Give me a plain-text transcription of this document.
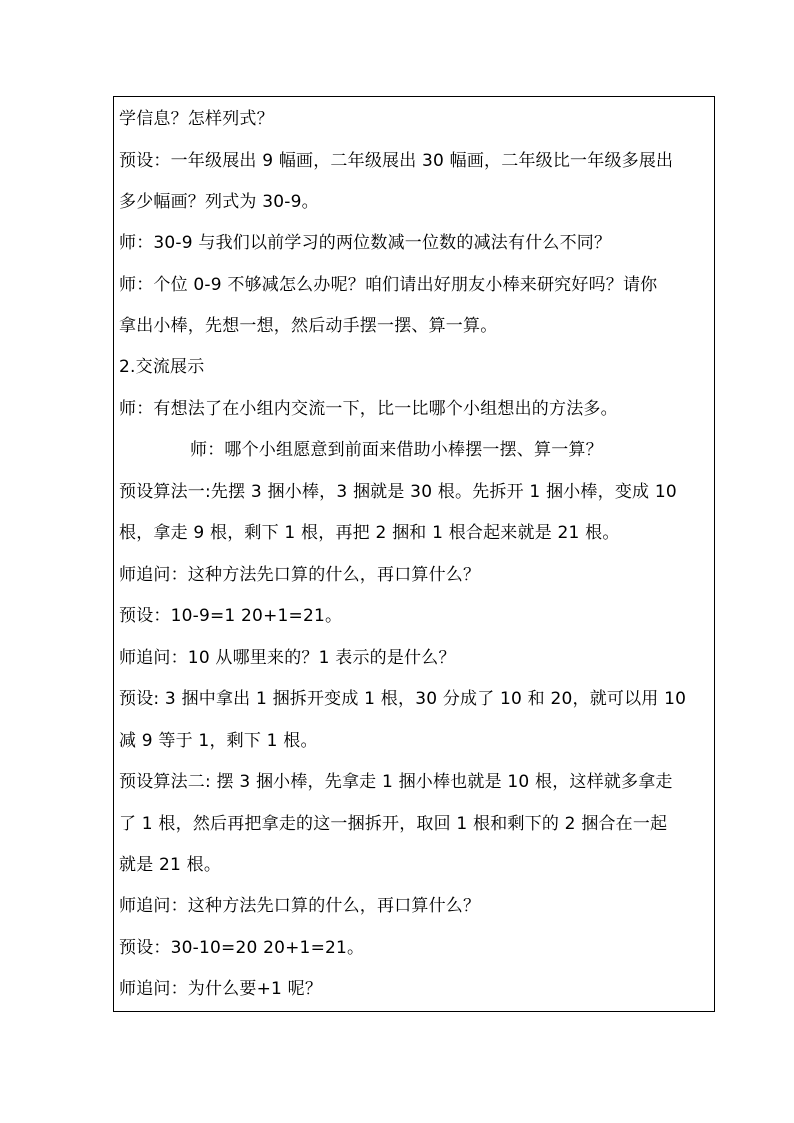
学信息？怎样列式？
预设：一年级展出 9 幅画，二年级展出 30 幅画，二年级比一年级多展出
多少幅画？列式为 30-9。
师：30-9 与我们以前学习的两位数减一位数的减法有什么不同？
师：个位 0-9 不够减怎么办呢？咱们请出好朋友小棒来研究好吗？请你
拿出小棒，先想一想，然后动手摆一摆、算一算。
2.交流展示
师：有想法了在小组内交流一下，比一比哪个小组想出的方法多。
师：哪个小组愿意到前面来借助小棒摆一摆、算一算？
预设算法一:先摆 3 捆小棒，3 捆就是 30 根。先拆开 1 捆小棒，变成 10
根，拿走 9 根，剩下 1 根，再把 2 捆和 1 根合起来就是 21 根。
师追问：这种方法先口算的什么，再口算什么？
预设：10-9=1 20+1=21。
师追问：10 从哪里来的？1 表示的是什么？
预设: 3 捆中拿出 1 捆拆开变成 1 根，30 分成了 10 和 20，就可以用 10
减 9 等于 1，剩下 1 根。
预设算法二: 摆 3 捆小棒，先拿走 1 捆小棒也就是 10 根，这样就多拿走
了 1 根，然后再把拿走的这一捆拆开，取回 1 根和剩下的 2 捆合在一起
就是 21 根。
师追问：这种方法先口算的什么，再口算什么？
预设：30-10=20 20+1=21。
师追问：为什么要+1 呢？
